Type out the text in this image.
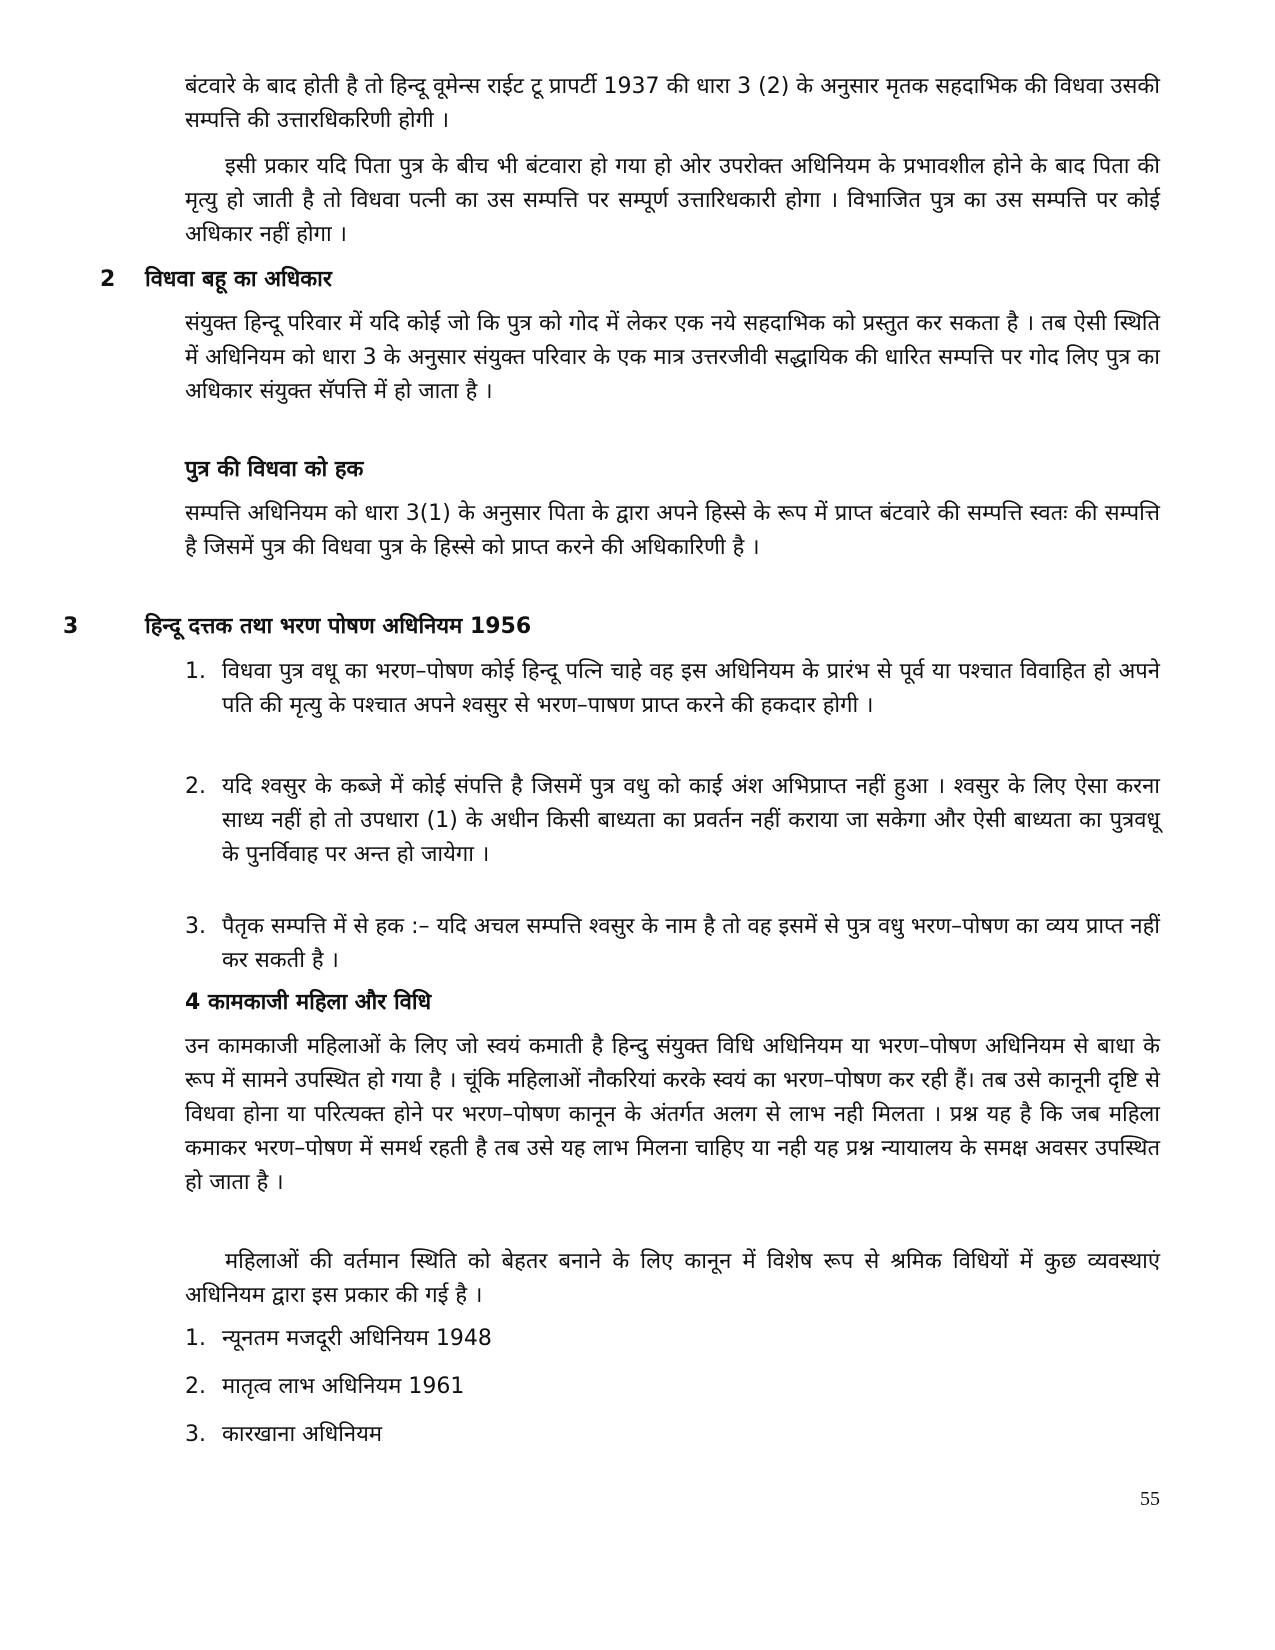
बंटवारे के बाद होती है तो हिन्दू वूमेन्स राईट टू प्रापर्टी 1937 की धारा 3 (2) के अनुसार मृतक सहदाभिक की विधवा उसकी सम्पत्ति की उत्तारधिकरिणी होगी ।
इसी प्रकार यदि पिता पुत्र के बीच भी बंटवारा हो गया हो ओर उपरोक्त अधिनियम के प्रभावशील होने के बाद पिता की मृत्यु हो जाती है तो विधवा पत्नी का उस सम्पत्ति पर सम्पूर्ण उत्तारिधकारी होगा । विभाजित पुत्र का उस सम्पत्ति पर कोई अधिकार नहीं होगा ।
2 विधवा बहू का अधिकार
संयुक्त हिन्दू परिवार में यदि कोई जो कि पुत्र को गोद में लेकर एक नये सहदाभिक को प्रस्तुत कर सकता है । तब ऐसी स्थिति में अधिनियम को धारा 3 के अनुसार संयुक्त परिवार के एक मात्र उत्तरजीवी सद्धायिक की धारित सम्पत्ति पर गोद लिए पुत्र का अधिकार संयुक्त सॅपत्ति में हो जाता है ।
पुत्र की विधवा को हक
सम्पत्ति अधिनियम को धारा 3(1) के अनुसार पिता के द्वारा अपने हिस्से के रूप में प्राप्त बंटवारे की सम्पत्ति स्वतः की सम्पत्ति है जिसमें पुत्र की विधवा पुत्र के हिस्से को प्राप्त करने की अधिकारिणी है ।
3	हिन्दू दत्तक तथा भरण पोषण अधिनियम 1956
1. विधवा पुत्र वधू का भरण–पोषण कोई हिन्दू पत्नि चाहे वह इस अधिनियम के प्रारंभ से पूर्व या पश्चात विवाहित हो अपने पति की मृत्यु के पश्चात अपने श्वसुर से भरण–पाषण प्राप्त करने की हकदार होगी ।
2. यदि श्वसुर के कब्जे में कोई संपत्ति है जिसमें पुत्र वधु को काई अंश अभिप्राप्त नहीं हुआ । श्वसुर के लिए ऐसा करना साध्य नहीं हो तो उपधारा (1) के अधीन किसी बाध्यता का प्रवर्तन नहीं कराया जा सकेगा और ऐसी बाध्यता का पुत्रवधू के पुनर्विवाह पर अन्त हो जायेगा ।
3. पैतृक सम्पत्ति में से हक :– यदि अचल सम्पत्ति श्वसुर के नाम है तो वह इसमें से पुत्र वधु भरण–पोषण का व्यय प्राप्त नहीं कर सकती है ।
4 कामकाजी महिला और विधि
उन कामकाजी महिलाओं के लिए जो स्वयं कमाती है हिन्दु संयुक्त विधि अधिनियम या भरण–पोषण अधिनियम से बाधा के रूप में सामने उपस्थित हो गया है । चूंकि महिलाओं नौकरियां करके स्वयं का भरण–पोषण कर रही हैं। तब उसे कानूनी दृष्टि से विधवा होना या परित्यक्त होने पर भरण–पोषण कानून के अंतर्गत अलग से लाभ नही मिलता । प्रश्न यह है कि जब महिला कमाकर भरण–पोषण में समर्थ रहती है तब उसे यह लाभ मिलना चाहिए या नही यह प्रश्न न्यायालय के समक्ष अवसर उपस्थित हो जाता है ।
महिलाओं की वर्तमान स्थिति को बेहतर बनाने के लिए कानून में विशेष रूप से श्रमिक विधियों में कुछ व्यवस्थाएं अधिनियम द्वारा इस प्रकार की गई है ।
1. न्यूनतम मजदूरी अधिनियम 1948
2. मातृत्व लाभ अधिनियम 1961
3. कारखाना अधिनियम
55
